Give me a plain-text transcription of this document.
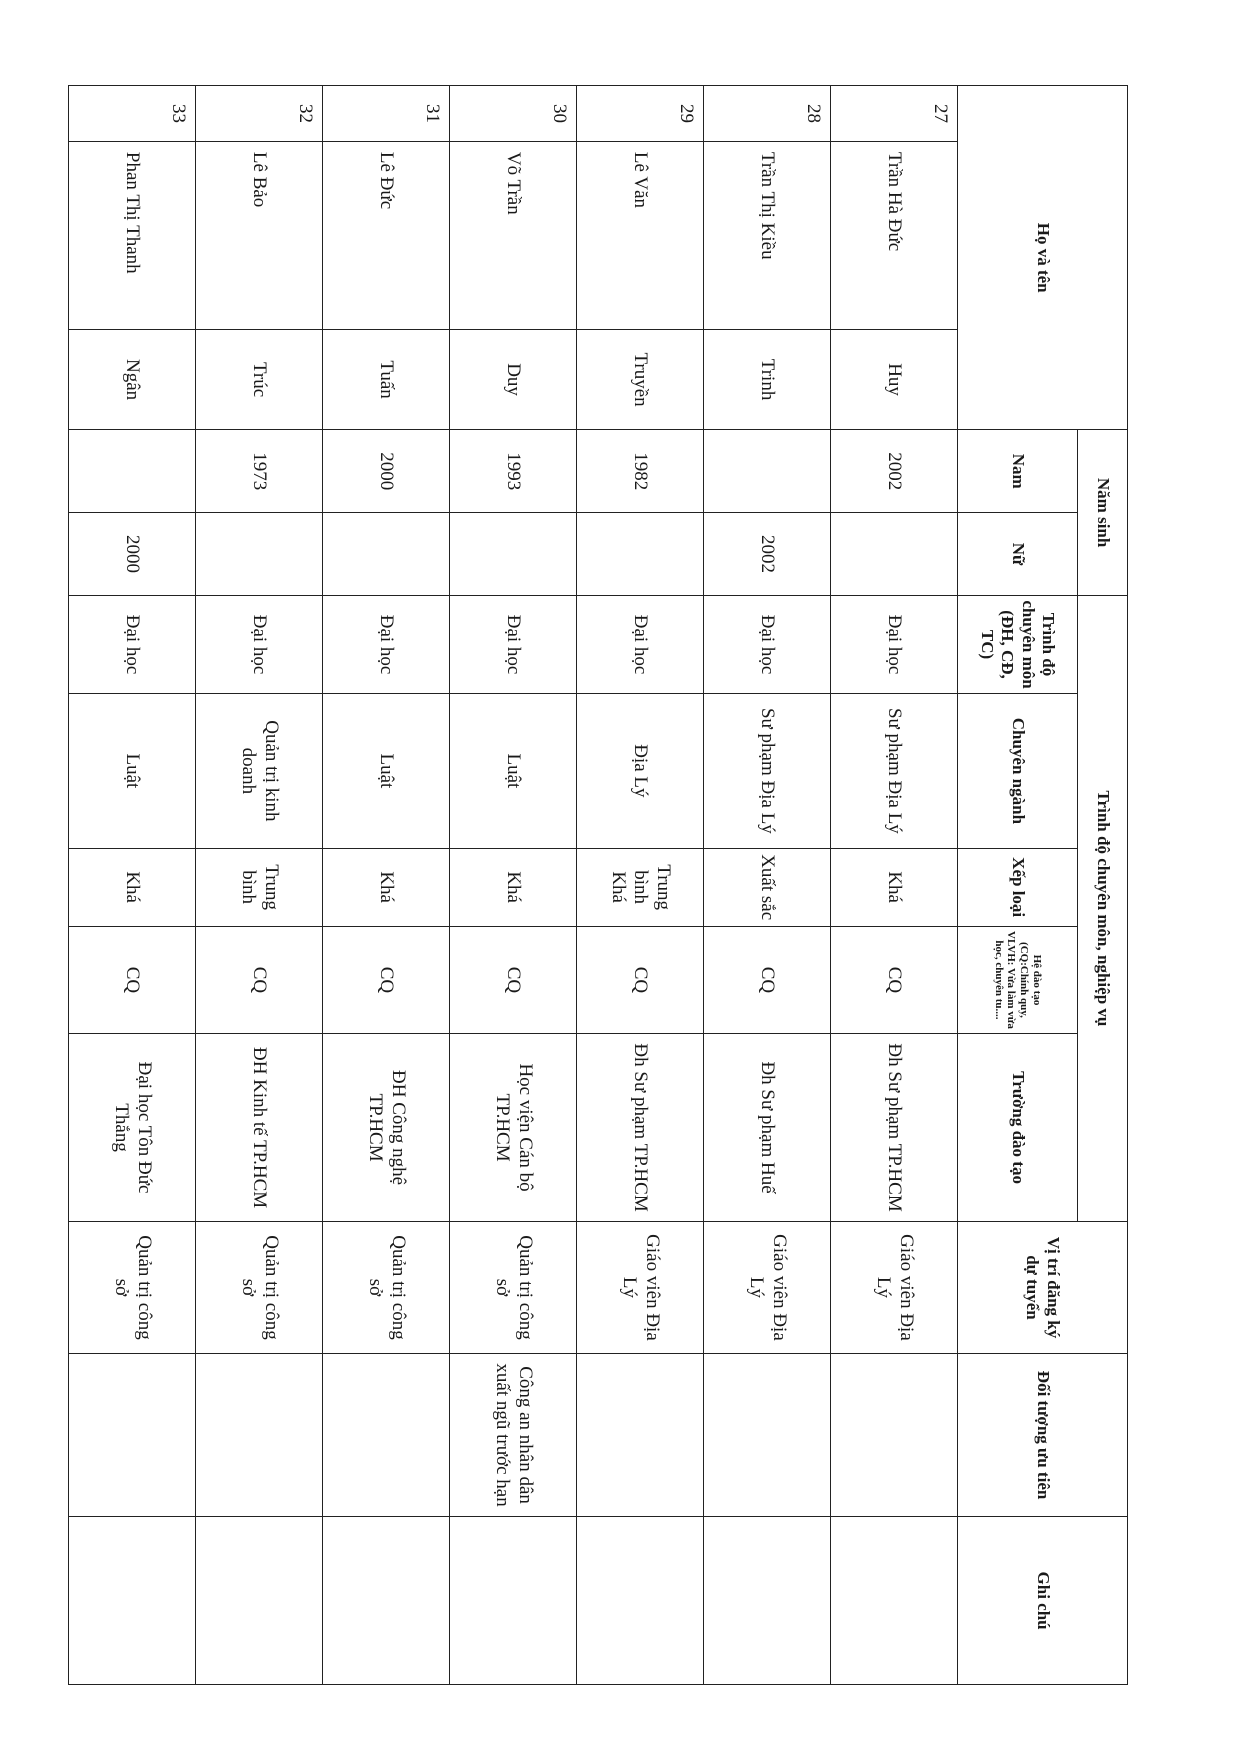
Họ và tên			Năm sinh		Trình độ chuyên môn, nghiệp vụ					Vị trí đăng ký dự tuyển	Đối tượng ưu tiên	Ghi chú
			Nam	Nữ	Trình độ chuyên môn (ĐH, CĐ, TC)	Chuyên ngành	Xếp loại	Hệ đào tạo (CQ:Chính quy, VLVH: Vừa làm vừa học, chuyên tu....	Trường đào tạo			
27	Trần Hà Đức	Huy	2002		Đại học	Sư phạm Địa Lý	Khá	CQ	Đh Sư phạm TP.HCM	Giáo viên Địa Lý		
28	Trần Thị Kiều	Trinh		2002	Đại học	Sư phạm Địa Lý	Xuất sắc	CQ	Đh Sư phạm Huế	Giáo viên Địa Lý		
29	Lê Văn	Truyền	1982		Đại học	Địa Lý	Trung bình Khá	CQ	Đh Sư phạm TP.HCM	Giáo viên Địa Lý		
30	Võ Trần	Duy	1993		Đại học	Luật	Khá	CQ	Học viện Cán bộ TP.HCM	Quản trị công sở	Công an nhân dân xuất ngũ trước hạn	
31	Lê Đức	Tuấn	2000		Đại học	Luật	Khá	CQ	ĐH Công nghệ TP.HCM	Quản trị công sở		
32	Lê Bảo	Trúc	1973		Đại học	Quản trị kinh doanh	Trung bình	CQ	ĐH Kinh tế TP.HCM	Quản trị công sở		
33	Phan Thị Thanh	Ngân		2000	Đại học	Luật	Khá	CQ	Đại học Tôn Đức Thắng	Quản trị công sở		
